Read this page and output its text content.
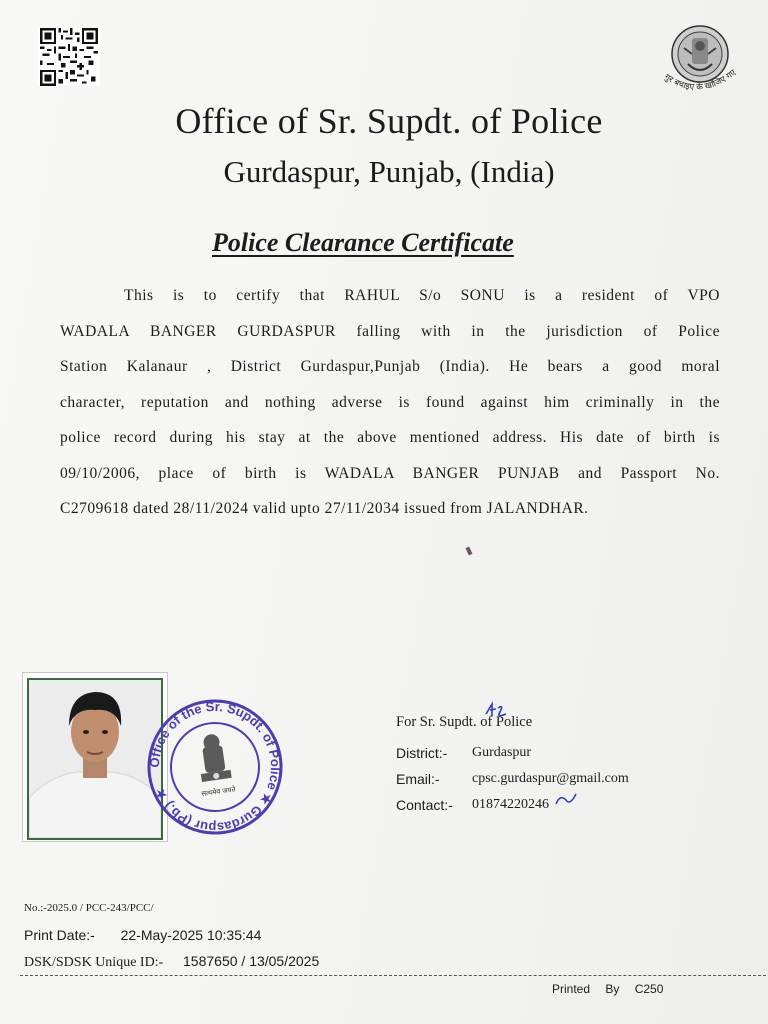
गुर बचाइए के खोजिए गए
Office of Sr. Supdt. of Police
Gurdaspur, Punjab, (India)
Police Clearance Certificate
This is to certify that RAHUL S/o SONU is a resident of VPO
WADALA BANGER GURDASPUR falling with in the jurisdiction of Police
Station Kalanaur , District Gurdaspur,Punjab (India). He bears a good moral
character, reputation and nothing adverse is found against him criminally in the
police record during his stay at the above mentioned address. His date of birth is
09/10/2006, place of birth is WADALA BANGER PUNJAB and Passport No.
C2709618 dated 28/11/2024 valid upto 27/11/2034 issued from JALANDHAR.
Office of the Sr. Supdt. of Police ★ Gurdaspur (Pb.) ★	सत्यमेव जयते
For Sr. Supdt. of Police
District:- Gurdaspur
Email:- cpsc.gurdaspur@gmail.com
Contact:- 01874220246
No.:-2025.0 / PCC-243/PCC/
Print Date:- 22-May-2025 10:35:44
DSK/SDSK Unique ID:- 1587650 / 13/05/2025
Printed By C250
